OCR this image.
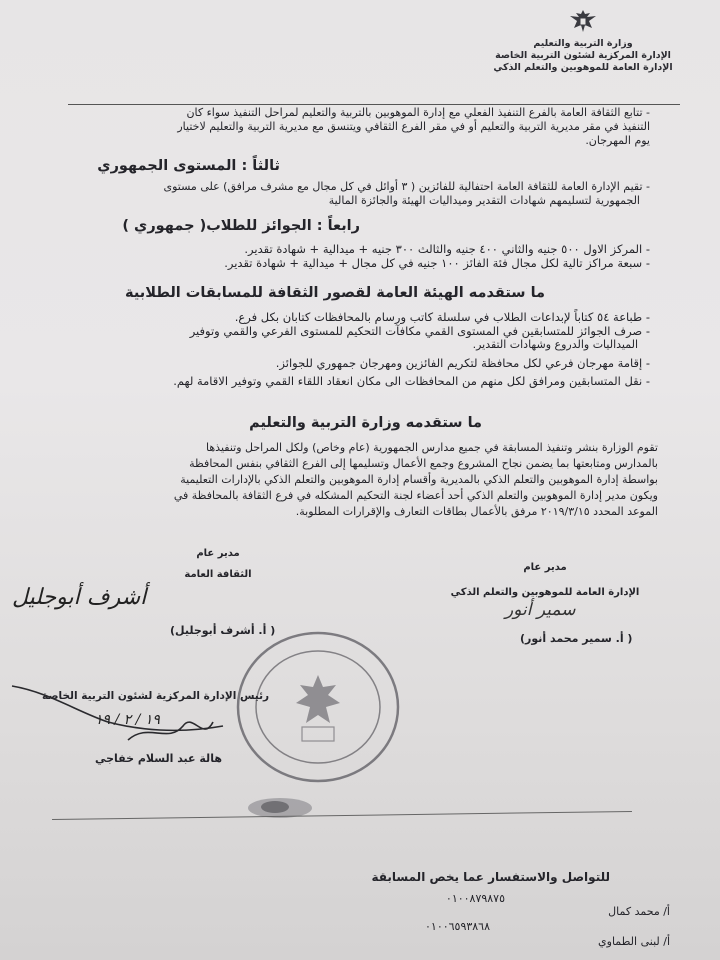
وزارة التربية والتعليم
الإدارة المركزية لشئون التربية الخاصة
الإدارة العامة للموهوبين والتعلم الذكي

- تتابع الثقافة العامة بالفرع التنفيذ الفعلي مع إدارة الموهوبين بالتربية والتعليم لمراحل التنفيذ سواء كان

التنفيذ في مقر مديرية التربية والتعليم أو في مقر الفرع الثقافي ويتنسق مع مديرية التربية والتعليم لاختيار

يوم المهرجان.

ثالثاً : المستوى الجمهوري

- تقيم الإدارة العامة للثقافة العامة احتفالية للفائزين ( ٣ أوائل في كل مجال مع مشرف مرافق) على مستوى

الجمهورية لتسليمهم شهادات التقدير وميداليات الهيئة والجائزة المالية

رابعاً : الجوائز للطلاب( جمهوري )

- المركز الاول ٥٠٠ جنيه والثاني ٤٠٠ جنيه والثالث ٣٠٠ جنيه + ميدالية + شهادة تقدير.

- سبعة مراكز تالية لكل مجال فئة الفائز ١٠٠ جنيه في كل مجال + ميدالية + شهادة تقدير.

ما ستقدمه الهيئة العامة لقصور الثقافة للمسابقات الطلابية

- طباعة ٥٤ كتاباً لإبداعات الطلاب في سلسلة كاتب ورسام بالمحافظات كتابان بكل فرع.

- صرف الجوائز للمتسابقين في المستوى القمي مكافآت التحكيم للمستوى الفرعي والقمي وتوفير

الميداليات والدروع وشهادات التقدير.

- إقامة مهرجان فرعي لكل محافظة لتكريم الفائزين ومهرجان جمهوري للجوائز.

- نقل المتسابقين ومرافق لكل منهم من المحافظات الى مكان انعقاد اللقاء القمي وتوفير الاقامة لهم.

ما ستقدمه وزارة التربية والتعليم

تقوم الوزارة بنشر وتنفيذ المسابقة في جميع مدارس الجمهورية (عام وخاص) ولكل المراحل وتنفيذها

بالمدارس ومتابعتها بما يضمن نجاح المشروع وجمع الأعمال وتسليمها إلى الفرع الثقافي بنفس المحافظة

بواسطة إدارة الموهوبين والتعلم الذكي بالمديرية وأقسام إدارة الموهوبين والتعلم الذكي بالإدارات التعليمية

ويكون مدير إدارة الموهوبين والتعلم الذكي أحد أعضاء لجنة التحكيم المشكله في فرع الثقافة بالمحافظة في

الموعد المحدد ٢٠١٩/٣/١٥ مرفق بالأعمال بطاقات التعارف والإقرارات المطلوبة.

مدير عام
الثقافة العامة
أشرف أبوجليل
( أ. أشرف أبوجليل)
مدير عام
الإدارة العامة للموهوبين والتعلم الذكي
سمير أنور
( أ. سمير محمد أنور)
رئيس الإدارة المركزية لشئون التربية الخاصة
١٩ / ٢ / ١٩
هالة عبد السلام خفاجي
للتواصل والاستفسار عما يخص المسابقة
٠١٠٠٨٧٩٨٧٥
أ/ محمد كمال
٠١٠٠٦٥٩٣٨٦٨
أ/ لبنى الطماوي
